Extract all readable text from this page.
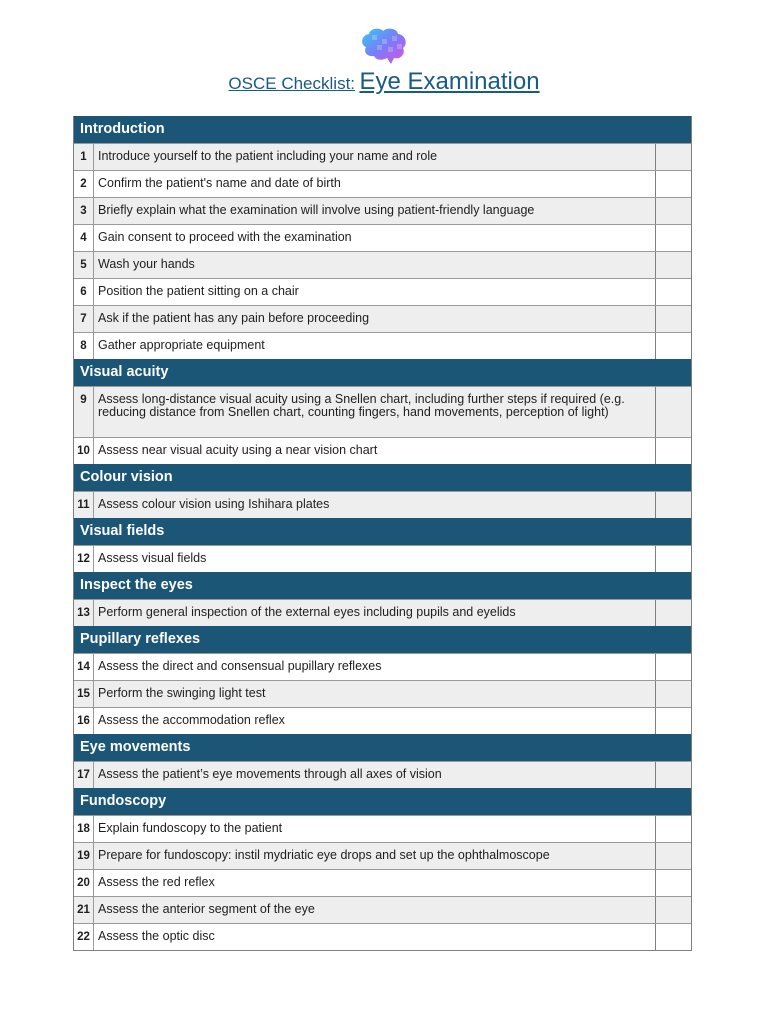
OSCE Checklist: Eye Examination
Introduction
1 Introduce yourself to the patient including your name and role
2 Confirm the patient's name and date of birth
3 Briefly explain what the examination will involve using patient-friendly language
4 Gain consent to proceed with the examination
5 Wash your hands
6 Position the patient sitting on a chair
7 Ask if the patient has any pain before proceeding
8 Gather appropriate equipment
Visual acuity
9 Assess long-distance visual acuity using a Snellen chart, including further steps if required (e.g. reducing distance from Snellen chart, counting fingers, hand movements, perception of light)
10 Assess near visual acuity using a near vision chart
Colour vision
11 Assess colour vision using Ishihara plates
Visual fields
12 Assess visual fields
Inspect the eyes
13 Perform general inspection of the external eyes including pupils and eyelids
Pupillary reflexes
14 Assess the direct and consensual pupillary reflexes
15 Perform the swinging light test
16 Assess the accommodation reflex
Eye movements
17 Assess the patient’s eye movements through all axes of vision
Fundoscopy
18 Explain fundoscopy to the patient
19 Prepare for fundoscopy: instil mydriatic eye drops and set up the ophthalmoscope
20 Assess the red reflex
21 Assess the anterior segment of the eye
22 Assess the optic disc
